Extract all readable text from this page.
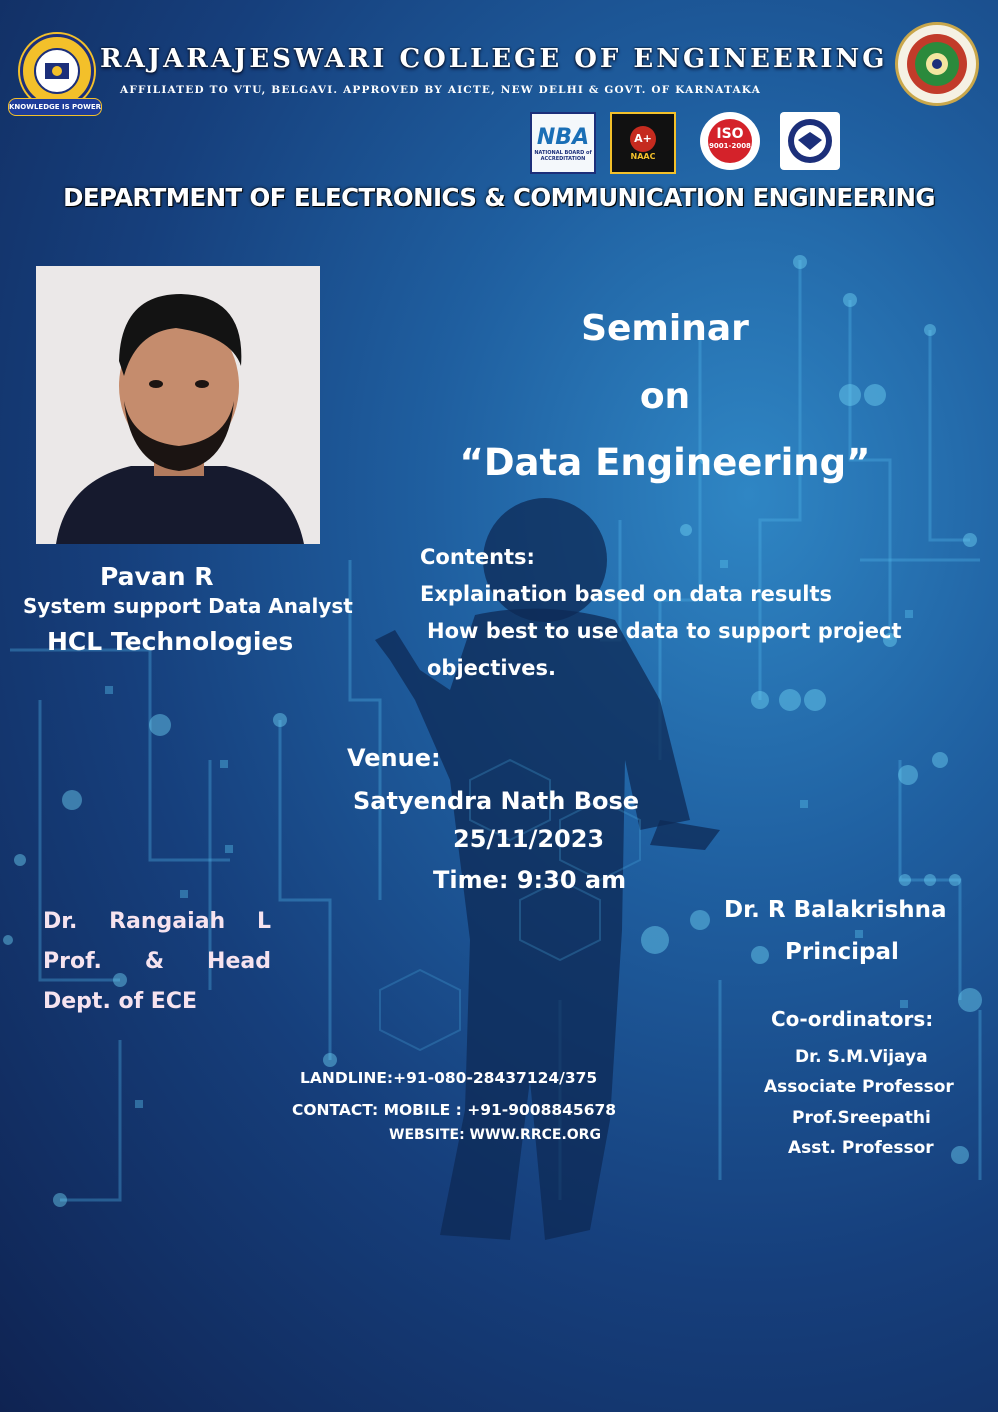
KNOWLEDGE IS POWER
RAJARAJESWARI COLLEGE OF ENGINEERING
AFFILIATED TO VTU, BELGAVI. APPROVED BY AICTE, NEW DELHI & GOVT. OF KARNATAKA
NBA
NATIONAL BOARD of ACCREDITATION
A+
NAAC
ISO
9001-2008
DEPARTMENT OF ELECTRONICS & COMMUNICATION ENGINEERING
Seminar
on
“Data Engineering”
Pavan R
System support Data Analyst
HCL Technologies
Contents:
Explaination based on data results
How best to use data to support project
objectives.
Venue:
Satyendra Nath Bose
25/11/2023
Time: 9:30 am
Dr. Rangaiah L
Prof. & Head
Dept. of ECE
Dr. R Balakrishna
Principal
Co-ordinators:
Dr. S.M.Vijaya
Associate Professor
Prof.Sreepathi
Asst. Professor
LANDLINE:+91-080-28437124/375
CONTACT: MOBILE : +91-9008845678
WEBSITE: WWW.RRCE.ORG
